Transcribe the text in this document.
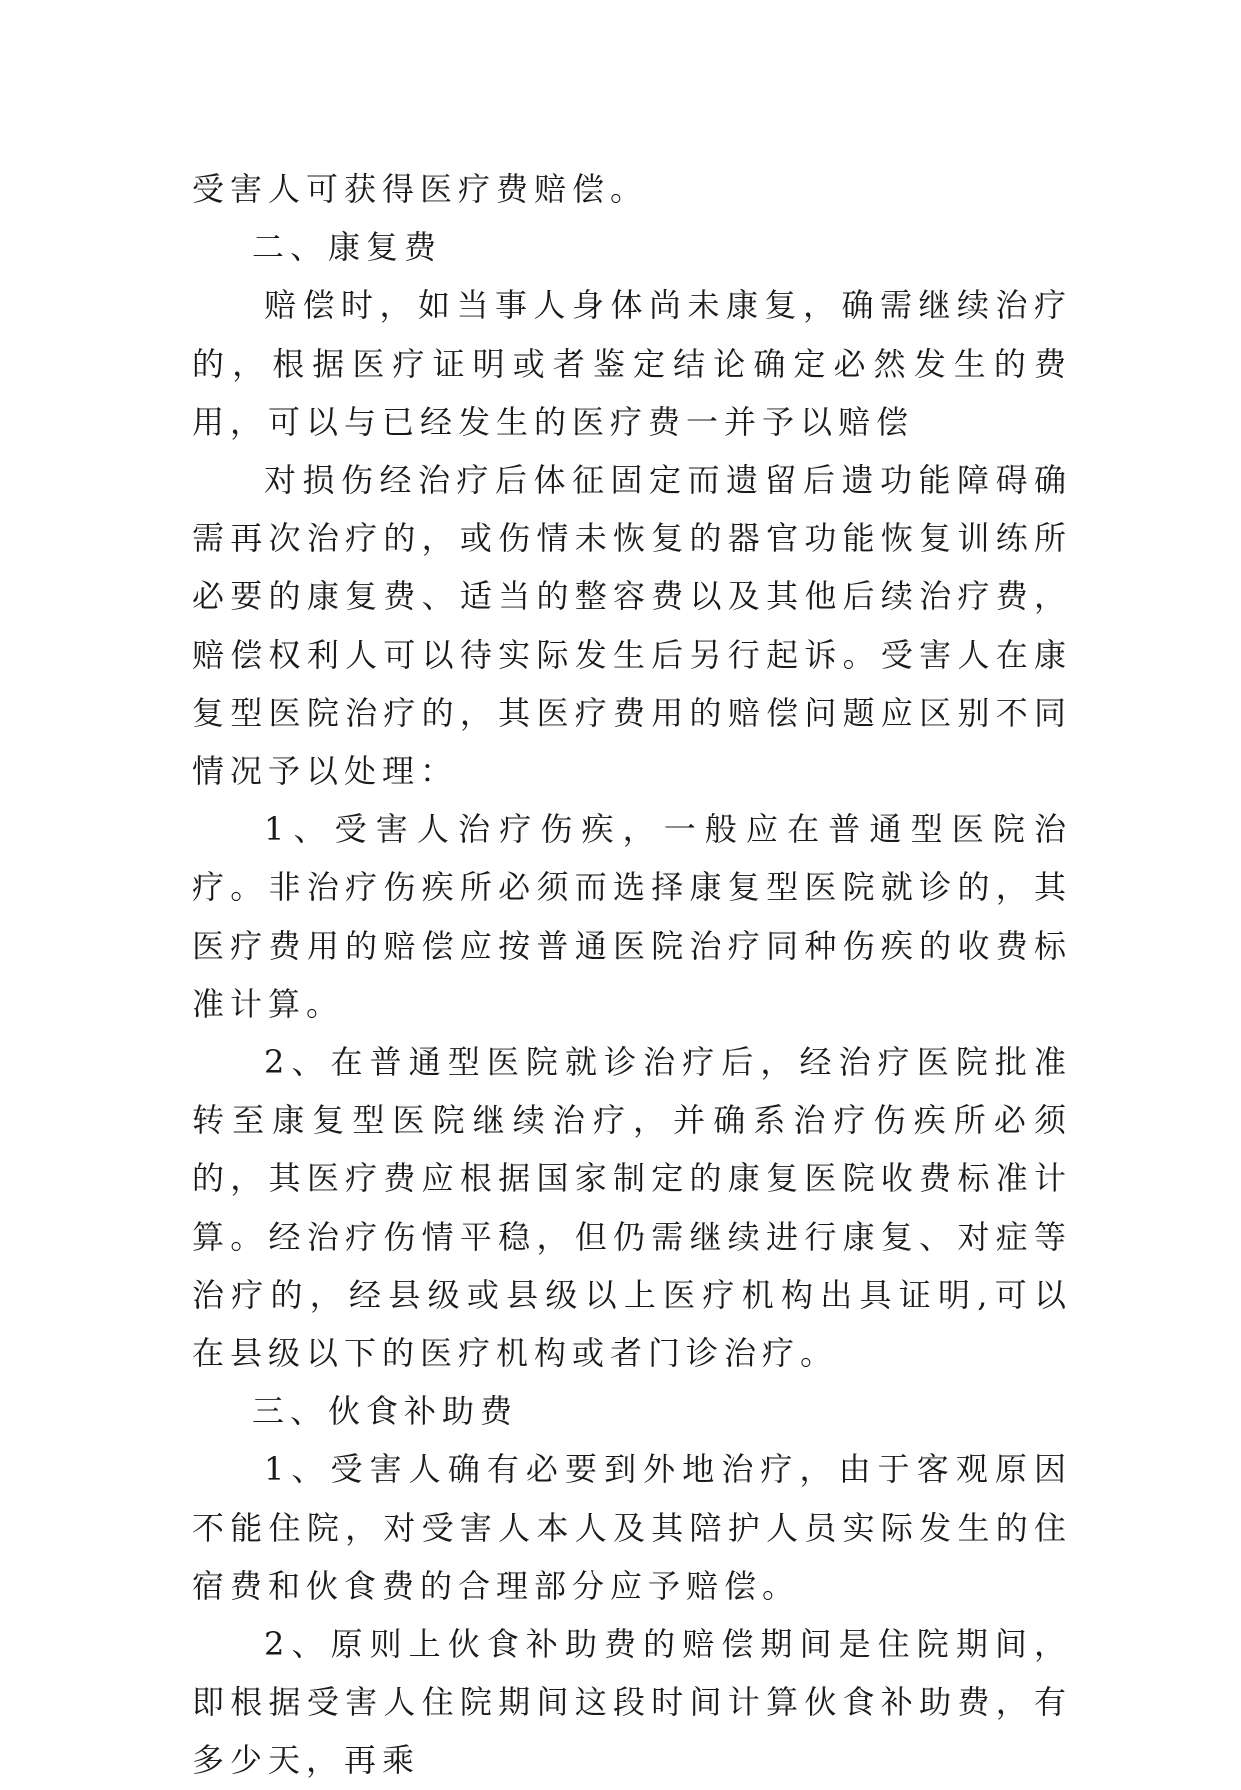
受害人可获得医疗费赔偿。

二、康复费

赔偿时，如当事人身体尚未康复，确需继续治疗的，根据医疗证明或者鉴定结论确定必然发生的费用，可以与已经发生的医疗费一并予以赔偿

对损伤经治疗后体征固定而遗留后遗功能障碍确需再次治疗的，或伤情未恢复的器官功能恢复训练所必要的康复费、适当的整容费以及其他后续治疗费，赔偿权利人可以待实际发生后另行起诉。受害人在康复型医院治疗的，其医疗费用的赔偿问题应区别不同情况予以处理：

1、受害人治疗伤疾，一般应在普通型医院治疗。非治疗伤疾所必须而选择康复型医院就诊的，其医疗费用的赔偿应按普通医院治疗同种伤疾的收费标准计算。

2、在普通型医院就诊治疗后，经治疗医院批准转至康复型医院继续治疗，并确系治疗伤疾所必须的，其医疗费应根据国家制定的康复医院收费标准计算。经治疗伤情平稳，但仍需继续进行康复、对症等治疗的，经县级或县级以上医疗机构出具证明,可以在县级以下的医疗机构或者门诊治疗。

三、伙食补助费

1、受害人确有必要到外地治疗，由于客观原因不能住院，对受害人本人及其陪护人员实际发生的住宿费和伙食费的合理部分应予赔偿。

2、原则上伙食补助费的赔偿期间是住院期间，即根据受害人住院期间这段时间计算伙食补助费，有多少天，再乘
